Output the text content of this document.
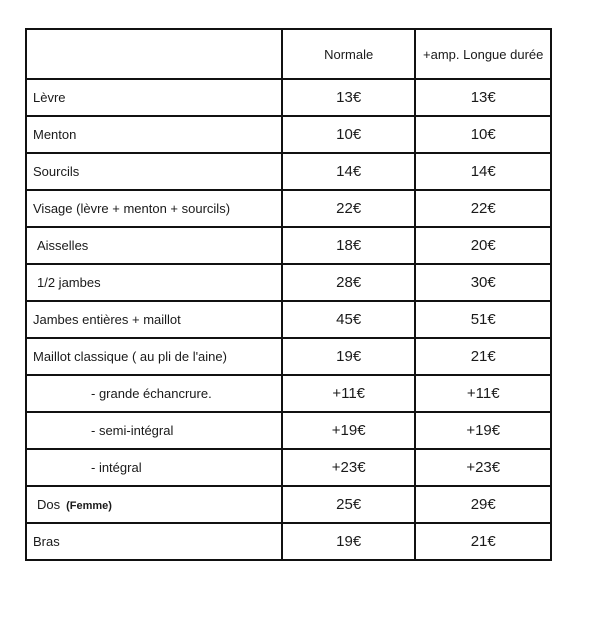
	Normale	+amp. Longue durée
Lèvre	13€	13€
Menton	10€	10€
Sourcils	14€	14€
Visage (lèvre + menton + sourcils)	22€	22€
Aisselles	18€	20€
1/2 jambes	28€	30€
Jambes entières + maillot	45€	51€
Maillot classique ( au pli de l'aine)	19€	21€
- grande échancrure.	+11€	+11€
- semi-intégral	+19€	+19€
- intégral	+23€	+23€
Dos (Femme)	25€	29€
Bras	19€	21€
